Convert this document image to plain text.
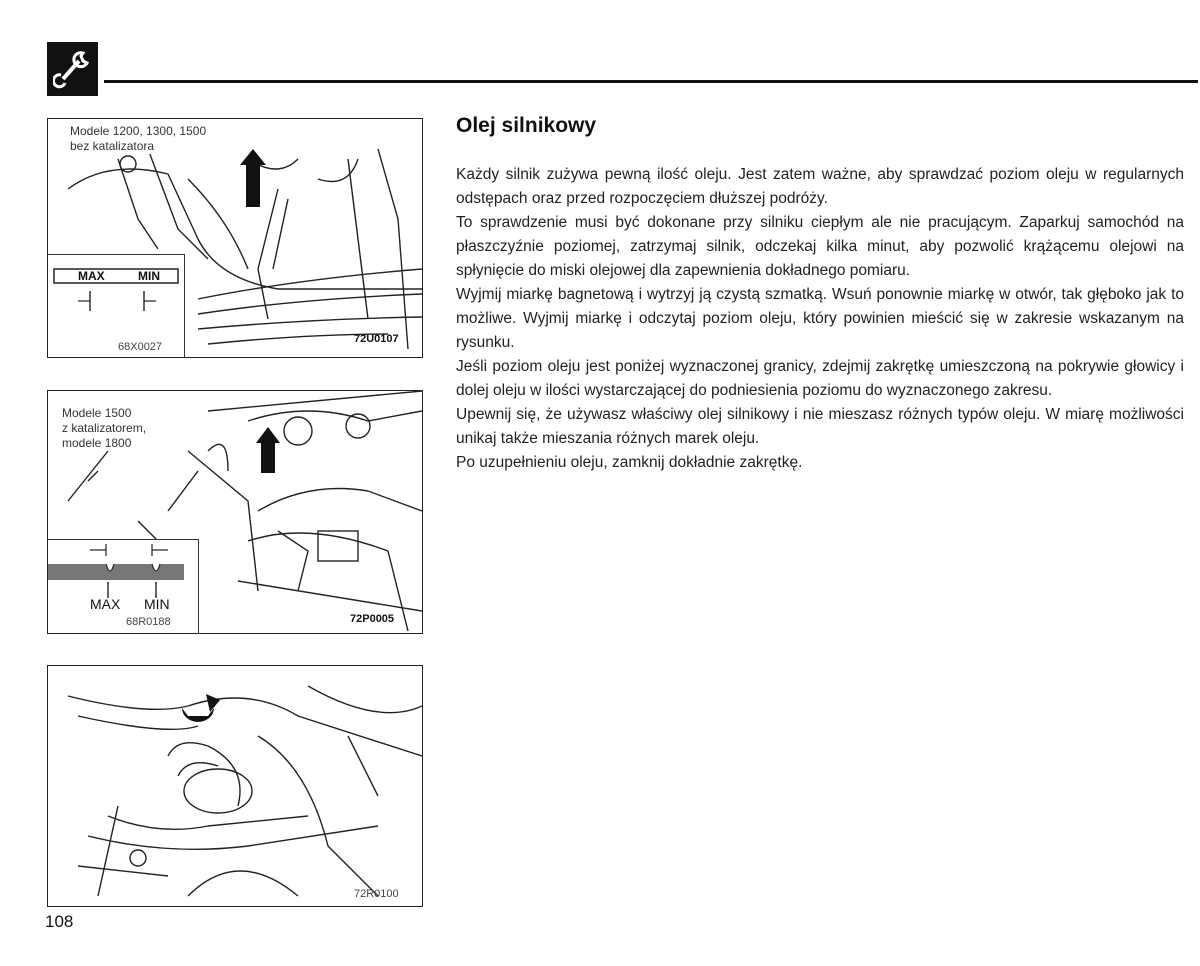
Modele 1200, 1300, 1500
bez katalizatora
MAX	MIN
68X0027
72U0107
Modele 1500
z katalizatorem,
modele 1800
MAX MIN
68R0188	72P0005
72R0100
Olej silnikowy

Każdy silnik zużywa pewną ilość oleju. Jest zatem ważne, aby sprawdzać poziom oleju w regularnych odstępach oraz przed rozpoczęciem dłuższej podróży.

To sprawdzenie musi być dokonane przy silniku ciepłym ale nie pracującym. Zaparkuj samochód na płaszczyźnie poziomej, zatrzymaj silnik, odczekaj kilka minut, aby pozwolić krążącemu olejowi na spłynięcie do miski olejowej dla zapewnienia dokładnego pomiaru.

Wyjmij miarkę bagnetową i wytrzyj ją czystą szmatką. Wsuń ponownie miarkę w otwór, tak głęboko jak to możliwe. Wyjmij miarkę i odczytaj poziom oleju, który powinien mieścić się w zakresie wskazanym na rysunku.

Jeśli poziom oleju jest poniżej wyznaczonej granicy, zdejmij zakrętkę umieszczoną na pokrywie głowicy i dolej oleju w ilości wystarczającej do podniesienia poziomu do wyznaczonego zakresu.

Upewnij się, że używasz właściwy olej silnikowy i nie mieszasz różnych typów oleju. W miarę możliwości unikaj także mieszania różnych marek oleju.

Po uzupełnieniu oleju, zamknij dokładnie zakrętkę.

108
